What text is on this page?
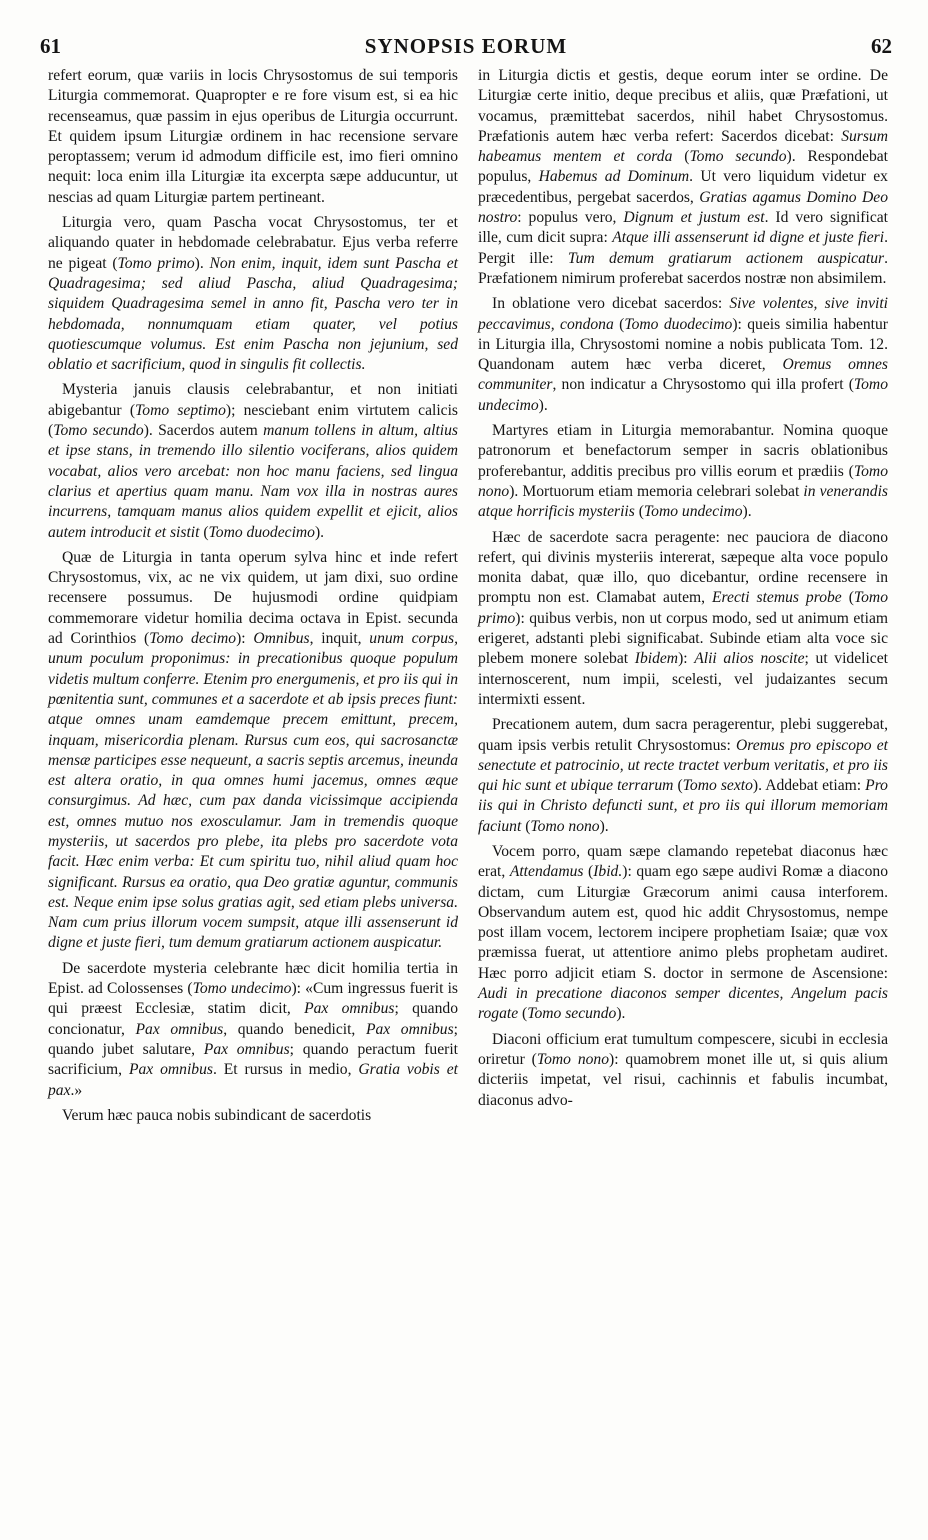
61	SYNOPSIS EORUM	62

refert eorum, quæ variis in locis Chrysostomus de sui temporis Liturgia commemorat. Quapropter e re fore visum est, si ea hic recenseamus, quæ passim in ejus operibus de Liturgia occurrunt. Et quidem ipsum Liturgiæ ordinem in hac recensione servare peroptassem; verum id admodum difficile est, imo fieri omnino nequit: loca enim illa Liturgiæ ita excerpta sæpe adducuntur, ut nescias ad quam Liturgiæ partem pertineant.

Liturgia vero, quam Pascha vocat Chrysostomus, ter et aliquando quater in hebdomade celebrabatur. Ejus verba referre ne pigeat (Tomo primo). Non enim, inquit, idem sunt Pascha et Quadragesima; sed aliud Pascha, aliud Quadragesima; siquidem Quadragesima semel in anno fit, Pascha vero ter in hebdomada, nonnumquam etiam quater, vel potius quotiescumque volumus. Est enim Pascha non jejunium, sed oblatio et sacrificium, quod in singulis fit collectis.

Mysteria januis clausis celebrabantur, et non initiati abigebantur (Tomo septimo); nesciebant enim virtutem calicis (Tomo secundo). Sacerdos autem manum tollens in altum, altius et ipse stans, in tremendo illo silentio vociferans, alios quidem vocabat, alios vero arcebat: non hoc manu faciens, sed lingua clarius et apertius quam manu. Nam vox illa in nostras aures incurrens, tamquam manus alios quidem expellit et ejicit, alios autem introducit et sistit (Tomo duodecimo).

Quæ de Liturgia in tanta operum sylva hinc et inde refert Chrysostomus, vix, ac ne vix quidem, ut jam dixi, suo ordine recensere possumus. De hujusmodi ordine quidpiam commemorare videtur homilia decima octava in Epist. secunda ad Corinthios (Tomo decimo): Omnibus, inquit, unum corpus, unum poculum proponimus: in precationibus quoque populum videtis multum conferre. Etenim pro energumenis, et pro iis qui in pœnitentia sunt, communes et a sacerdote et ab ipsis preces fiunt: atque omnes unam eamdemque precem emittunt, precem, inquam, misericordia plenam. Rursus cum eos, qui sacrosanctæ mensæ participes esse nequeunt, a sacris septis arcemus, ineunda est altera oratio, in qua omnes humi jacemus, omnes æque consurgimus. Ad hæc, cum pax danda vicissimque accipienda est, omnes mutuo nos exosculamur. Jam in tremendis quoque mysteriis, ut sacerdos pro plebe, ita plebs pro sacerdote vota facit. Hæc enim verba: Et cum spiritu tuo, nihil aliud quam hoc significant. Rursus ea oratio, qua Deo gratiæ aguntur, communis est. Neque enim ipse solus gratias agit, sed etiam plebs universa. Nam cum prius illorum vocem sumpsit, atque illi assenserunt id digne et juste fieri, tum demum gratiarum actionem auspicatur.

De sacerdote mysteria celebrante hæc dicit homilia tertia in Epist. ad Colossenses (Tomo undecimo): «Cum ingressus fuerit is qui præest Ecclesiæ, statim dicit, Pax omnibus; quando concionatur, Pax omnibus, quando benedicit, Pax omnibus; quando jubet salutare, Pax omnibus; quando peractum fuerit sacrificium, Pax omnibus. Et rursus in medio, Gratia vobis et pax.»

Verum hæc pauca nobis subindicant de sacerdotis

in Liturgia dictis et gestis, deque eorum inter se ordine. De Liturgiæ certe initio, deque precibus et aliis, quæ Præfationi, ut vocamus, præmittebat sacerdos, nihil habet Chrysostomus. Præfationis autem hæc verba refert: Sacerdos dicebat: Sursum habeamus mentem et corda (Tomo secundo). Respondebat populus, Habemus ad Dominum. Ut vero liquidum videtur ex præcedentibus, pergebat sacerdos, Gratias agamus Domino Deo nostro: populus vero, Dignum et justum est. Id vero significat ille, cum dicit supra: Atque illi assenserunt id digne et juste fieri. Pergit ille: Tum demum gratiarum actionem auspicatur. Præfationem nimirum proferebat sacerdos nostræ non absimilem.

In oblatione vero dicebat sacerdos: Sive volentes, sive inviti peccavimus, condona (Tomo duodecimo): queis similia habentur in Liturgia illa, Chrysostomi nomine a nobis publicata Tom. 12. Quandonam autem hæc verba diceret, Oremus omnes communiter, non indicatur a Chrysostomo qui illa profert (Tomo undecimo).

Martyres etiam in Liturgia memorabantur. Nomina quoque patronorum et benefactorum semper in sacris oblationibus proferebantur, additis precibus pro villis eorum et prædiis (Tomo nono). Mortuorum etiam memoria celebrari solebat in venerandis atque horrificis mysteriis (Tomo undecimo).

Hæc de sacerdote sacra peragente: nec pauciora de diacono refert, qui divinis mysteriis intererat, sæpeque alta voce populo monita dabat, quæ illo, quo dicebantur, ordine recensere in promptu non est. Clamabat autem, Erecti stemus probe (Tomo primo): quibus verbis, non ut corpus modo, sed ut animum etiam erigeret, adstanti plebi significabat. Subinde etiam alta voce sic plebem monere solebat Ibidem): Alii alios noscite; ut videlicet internoscerent, num impii, scelesti, vel judaizantes secum intermixti essent.

Precationem autem, dum sacra peragerentur, plebi suggerebat, quam ipsis verbis retulit Chrysostomus: Oremus pro episcopo et senectute et patrocinio, ut recte tractet verbum veritatis, et pro iis qui hic sunt et ubique terrarum (Tomo sexto). Addebat etiam: Pro iis qui in Christo defuncti sunt, et pro iis qui illorum memoriam faciunt (Tomo nono).

Vocem porro, quam sæpe clamando repetebat diaconus hæc erat, Attendamus (Ibid.): quam ego sæpe audivi Romæ a diacono dictam, cum Liturgiæ Græcorum animi causa interforem. Observandum autem est, quod hic addit Chrysostomus, nempe post illam vocem, lectorem incipere prophetiam Isaiæ; quæ vox præmissa fuerat, ut attentiore animo plebs prophetam audiret. Hæc porro adjicit etiam S. doctor in sermone de Ascensione: Audi in precatione diaconos semper dicentes, Angelum pacis rogate (Tomo secundo).

Diaconi officium erat tumultum compescere, sicubi in ecclesia oriretur (Tomo nono): quamobrem monet ille ut, si quis alium dicteriis impetat, vel risui, cachinnis et fabulis incumbat, diaconus advo-
